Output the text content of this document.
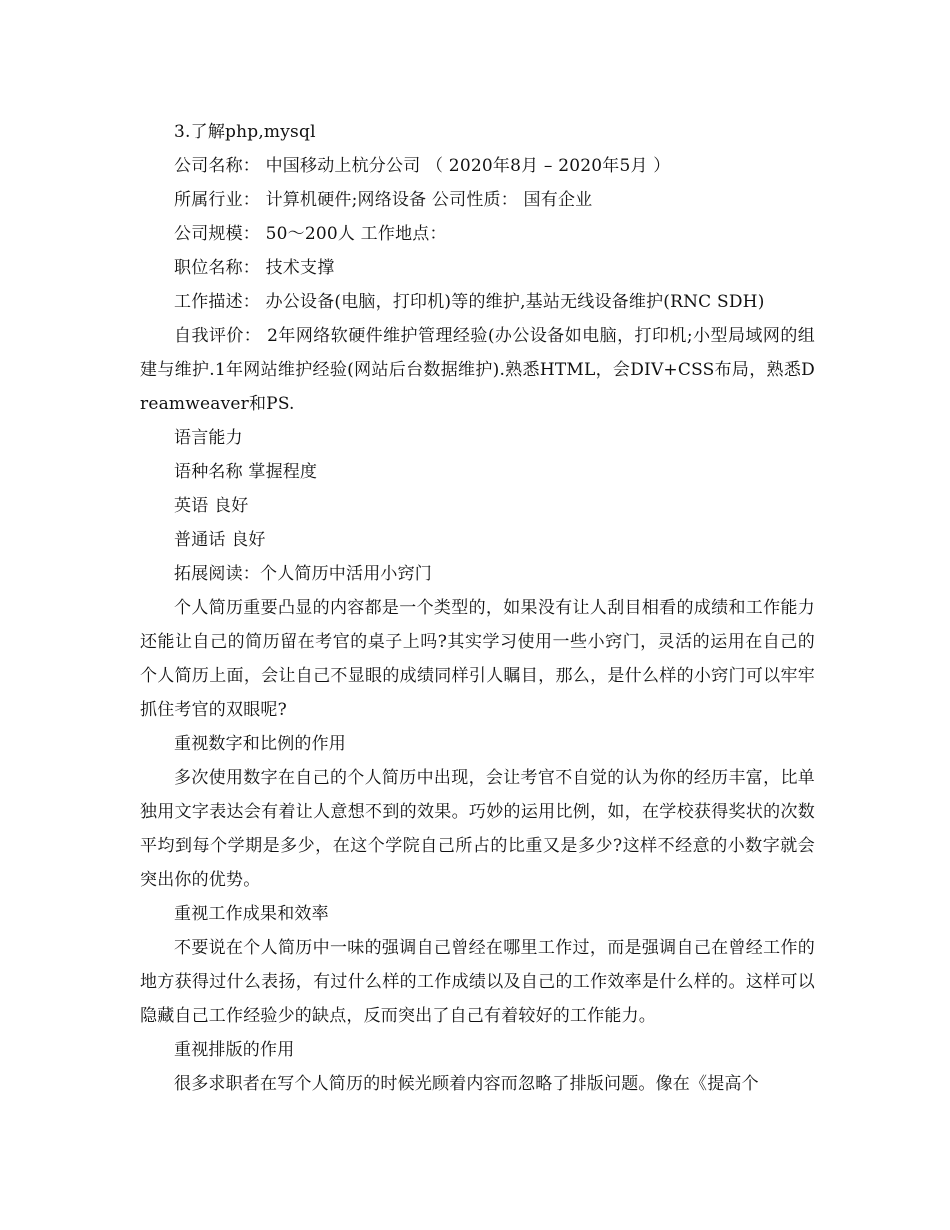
3.了解php,mysql

公司名称： 中国移动上杭分公司 （ 2020年8月 – 2020年5月 ）

所属行业： 计算机硬件;网络设备 公司性质： 国有企业

公司规模： 50～200人 工作地点：

职位名称： 技术支撑

工作描述： 办公设备(电脑，打印机)等的维护,基站无线设备维护(RNC SDH)

自我评价： 2年网络软硬件维护管理经验(办公设备如电脑，打印机;小型局域网的组建与维护.1年网站维护经验(网站后台数据维护).熟悉HTML，会DIV+CSS布局，熟悉Dreamweaver和PS.

语言能力

语种名称 掌握程度

英语 良好

普通话 良好

拓展阅读：个人简历中活用小窍门

个人简历重要凸显的内容都是一个类型的，如果没有让人刮目相看的成绩和工作能力还能让自己的简历留在考官的桌子上吗?其实学习使用一些小窍门，灵活的运用在自己的个人简历上面，会让自己不显眼的成绩同样引人瞩目，那么，是什么样的小窍门可以牢牢抓住考官的双眼呢?

重视数字和比例的作用

多次使用数字在自己的个人简历中出现，会让考官不自觉的认为你的经历丰富，比单独用文字表达会有着让人意想不到的效果。巧妙的运用比例，如，在学校获得奖状的次数平均到每个学期是多少，在这个学院自己所占的比重又是多少?这样不经意的小数字就会突出你的优势。

重视工作成果和效率

不要说在个人简历中一味的强调自己曾经在哪里工作过，而是强调自己在曾经工作的地方获得过什么表扬，有过什么样的工作成绩以及自己的工作效率是什么样的。这样可以隐藏自己工作经验少的缺点，反而突出了自己有着较好的工作能力。

重视排版的作用

很多求职者在写个人简历的时候光顾着内容而忽略了排版问题。像在《提高个
